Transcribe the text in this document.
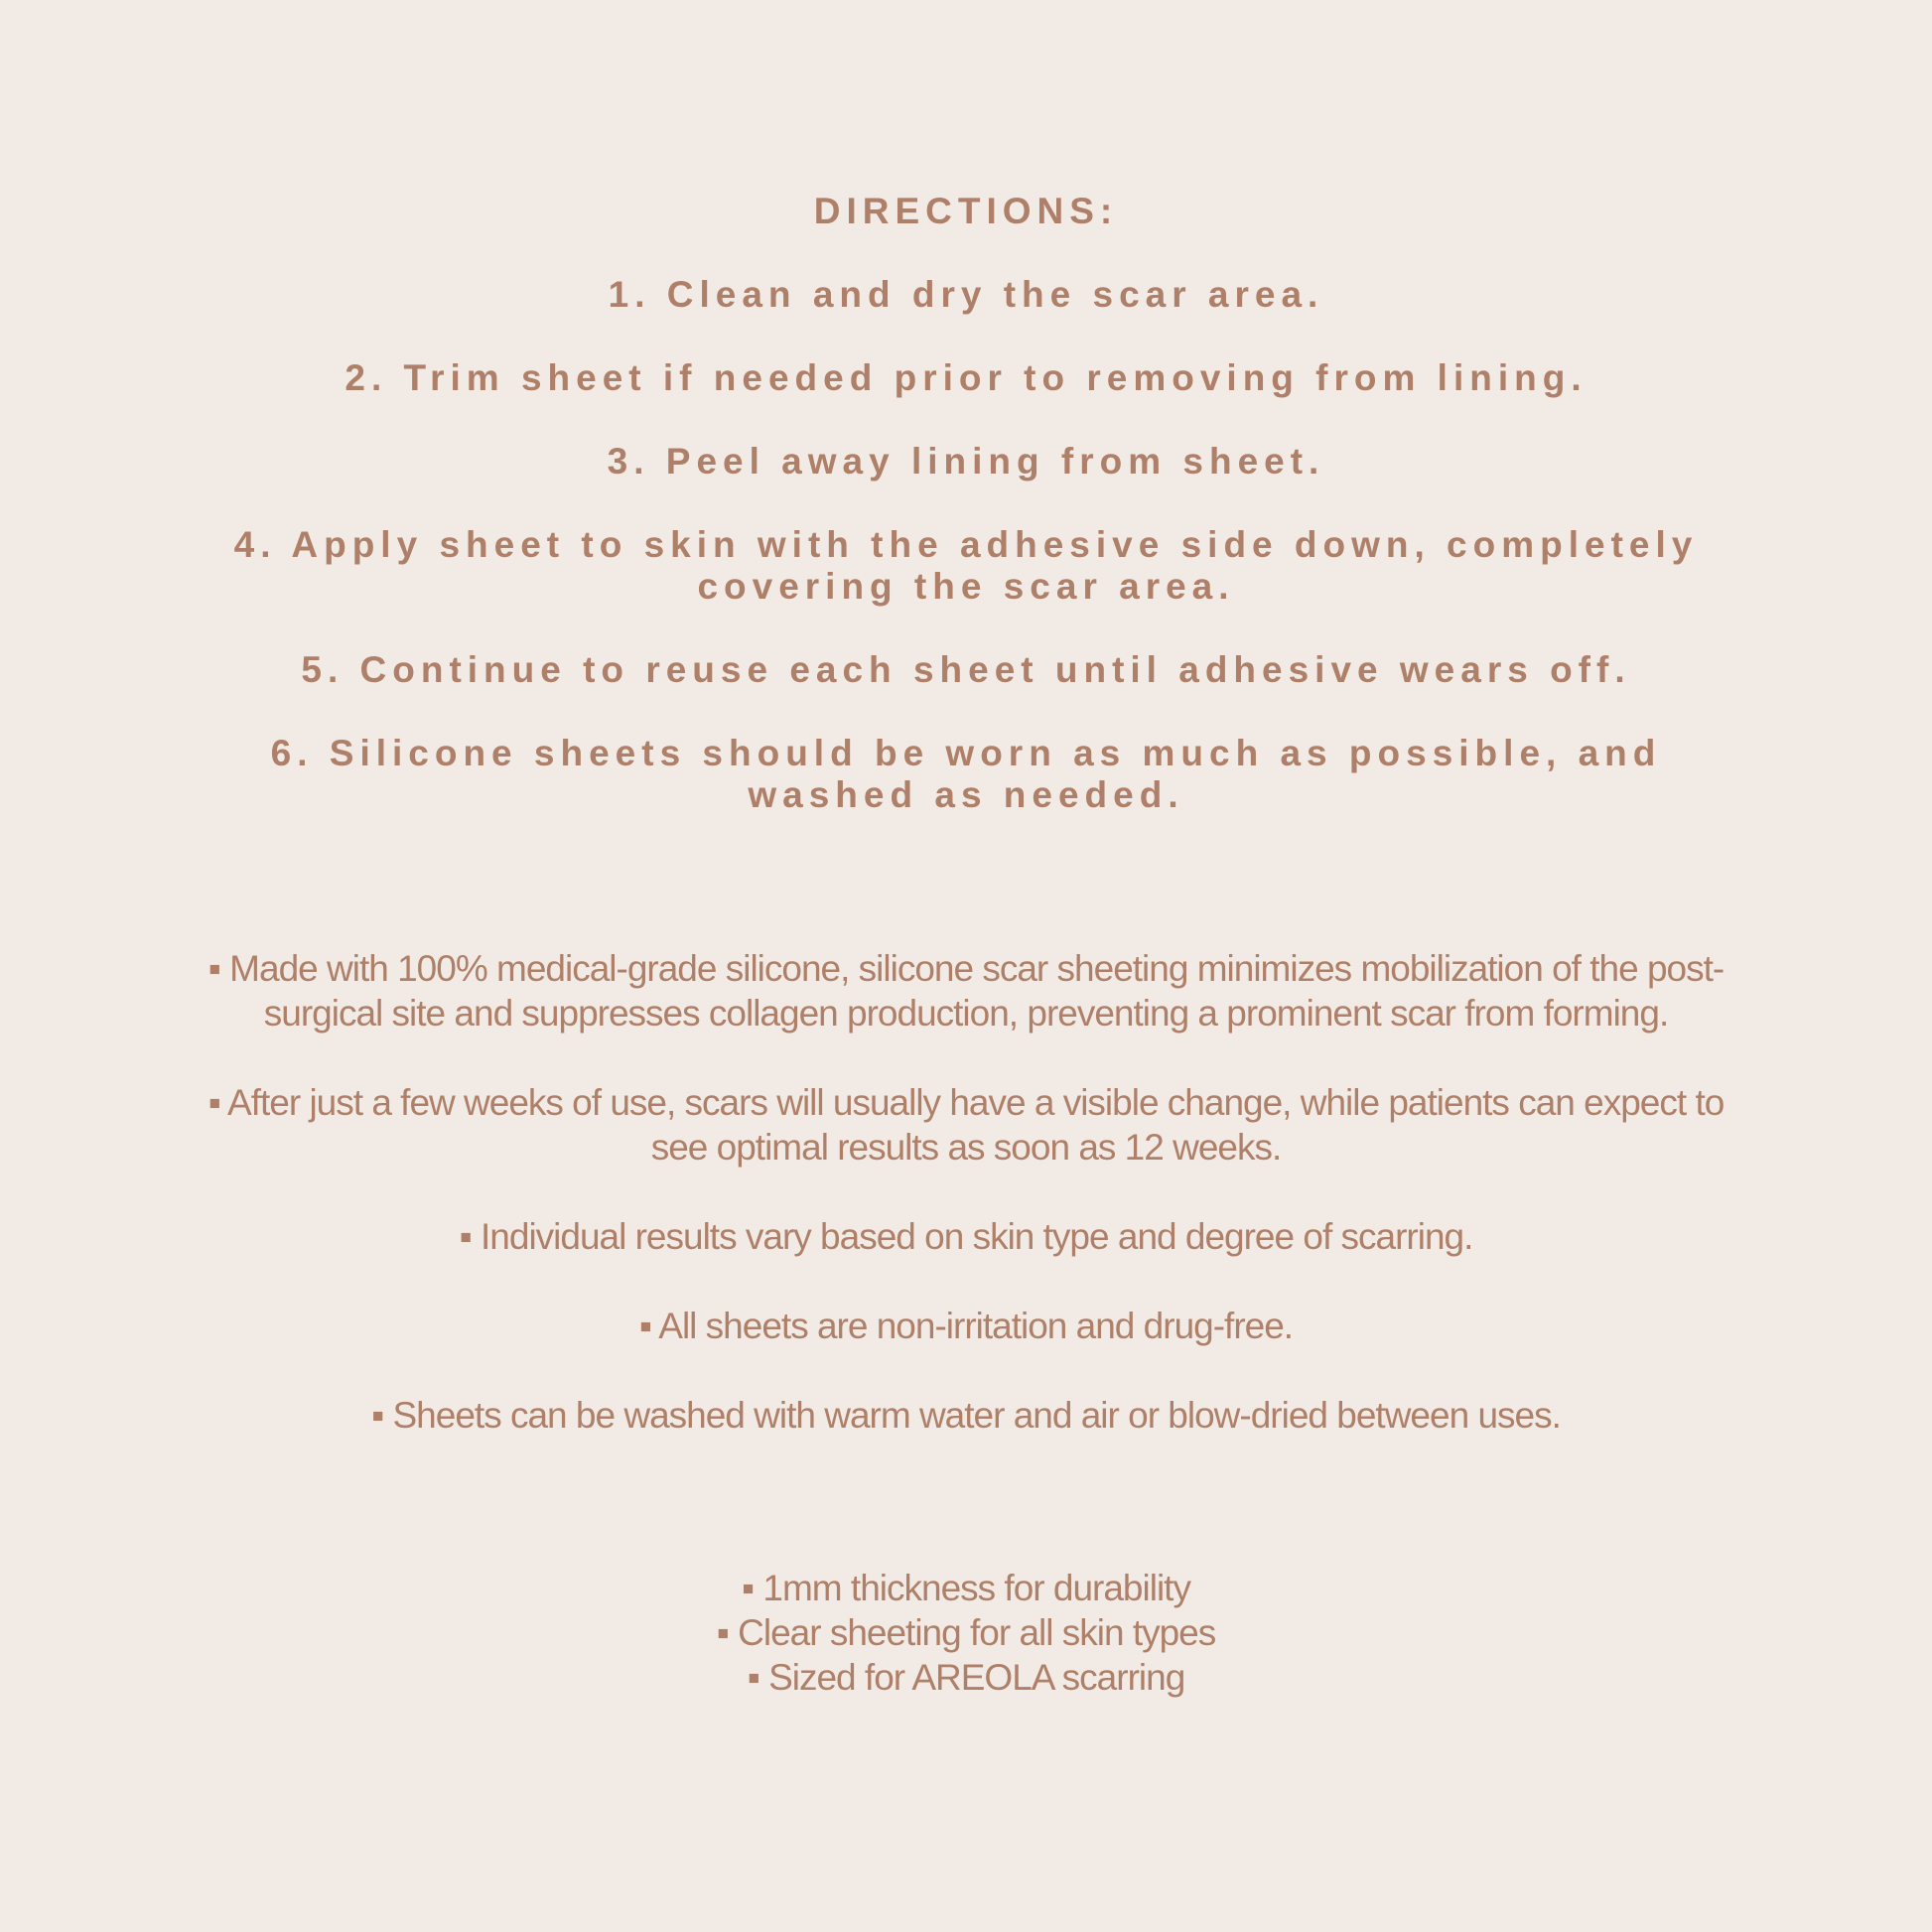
DIRECTIONS:
1. Clean and dry the scar area.
2. Trim sheet if needed prior to removing from lining.
3. Peel away lining from sheet.
4. Apply sheet to skin with the adhesive side down, completely covering the scar area.
5. Continue to reuse each sheet until adhesive wears off.
6. Silicone sheets should be worn as much as possible, and washed as needed.
▪ Made with 100% medical-grade silicone, silicone scar sheeting minimizes mobilization of the post-surgical site and suppresses collagen production, preventing a prominent scar from forming.
▪ After just a few weeks of use, scars will usually have a visible change, while patients can expect to see optimal results as soon as 12 weeks.
▪ Individual results vary based on skin type and degree of scarring.
▪ All sheets are non-irritation and drug-free.
▪ Sheets can be washed with warm water and air or blow-dried between uses.
▪ 1mm thickness for durability
▪ Clear sheeting for all skin types
▪ Sized for AREOLA scarring
